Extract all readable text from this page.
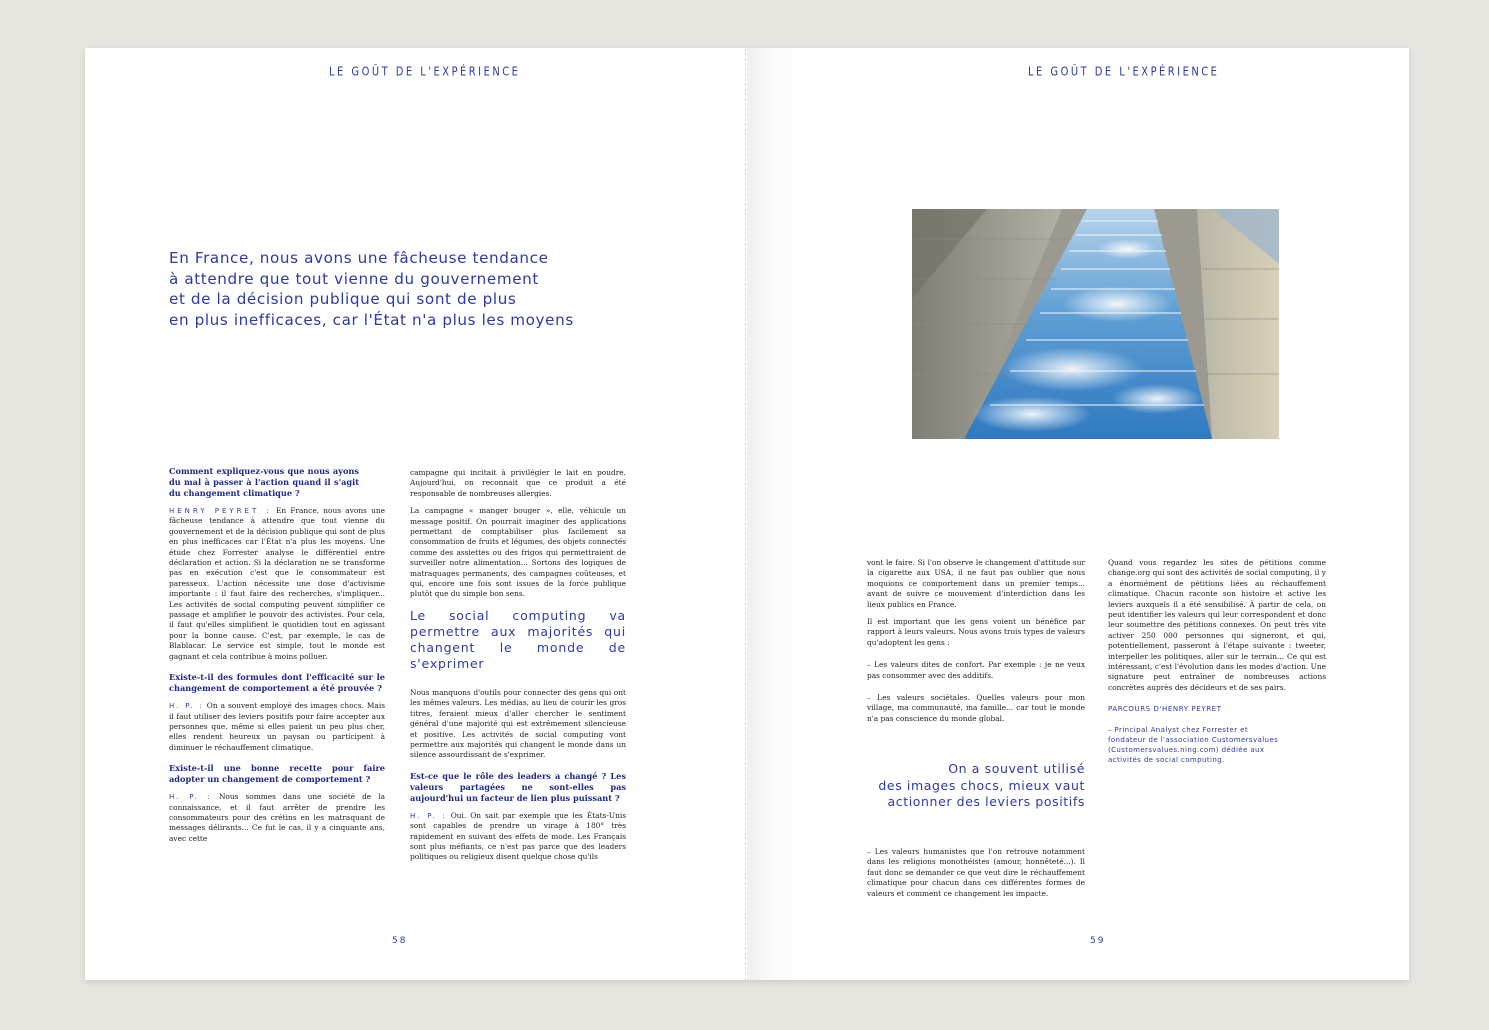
LE GOÛT DE L'EXPÉRIENCE
En France, nous avons une fâcheuse tendance
à attendre que tout vienne du gouvernement
et de la décision publique qui sont de plus
en plus inefficaces, car l'État n'a plus les moyens

Comment expliquez-vous que nous ayons du mal à passer à l'action quand il s'agit du changement climatique ?

HENRY PEYRET : En France, nous avons une fâcheuse tendance à attendre que tout vienne du gouvernement et de la décision publique qui sont de plus en plus inefficaces car l'État n'a plus les moyens. Une étude chez Forrester analyse le différentiel entre déclaration et action. Si la déclaration ne se transforme pas en exécution c'est que le consommateur est paresseux. L'action nécessite une dose d'activisme importante : il faut faire des recherches, s'impliquer... Les activités de social computing peuvent simplifier ce passage et amplifier le pouvoir des activistes. Pour cela, il faut qu'elles simplifient le quotidien tout en agissant pour la bonne cause. C'est, par exemple, le cas de Blablacar. Le service est simple, tout le monde est gagnant et cela contribue à moins polluer.

Existe-t-il des formules dont l'efficacité sur le changement de comportement a été prouvée ?

H. P. : On a souvent employé des images chocs. Mais il faut utiliser des leviers positifs pour faire accepter aux personnes que, même si elles paient un peu plus cher, elles rendent heureux un paysan ou participent à diminuer le réchauffement climatique.

Existe-t-il une bonne recette pour faire adopter un changement de comportement ?

H. P. : Nous sommes dans une société de la connaissance, et il faut arrêter de prendre les consommateurs pour des crétins en les matraquant de messages délirants... Ce fut le cas, il y a cinquante ans, avec cette

campagne qui incitait à privilégier le lait en poudre. Aujourd'hui, on reconnait que ce produit a été responsable de nombreuses allergies.

La campagne « manger bouger », elle, véhicule un message positif. On pourrait imaginer des applications permettant de comptabiliser plus facilement sa consommation de fruits et légumes, des objets connectés comme des assiettes ou des frigos qui permettraient de surveiller notre alimentation... Sortons des logiques de matraquages permanents, des campagnes coûteuses, et qui, encore une fois sont issues de la force publique plutôt que du simple bon sens.

Le social computing va permettre aux majorités qui changent le monde de s'exprimer

Nous manquons d'outils pour connecter des gens qui ont les mêmes valeurs. Les médias, au lieu de courir les gros titres, feraient mieux d'aller chercher le sentiment général d'une majorité qui est extrêmement silencieuse et positive. Les activités de social computing vont permettre aux majorités qui changent le monde dans un silence assourdissant de s'exprimer.

Est-ce que le rôle des leaders a changé ? Les valeurs partagées ne sont-elles pas aujourd'hui un facteur de lien plus puissant ?

H. P. : Oui. On sait par exemple que les États-Unis sont capables de prendre un virage à 180° très rapidement en suivant des effets de mode. Les Français sont plus méfiants, ce n'est pas parce que des leaders politiques ou religieux disent quelque chose qu'ils

58
LE GOÛT DE L'EXPÉRIENCE

vont le faire. Si l'on observe le changement d'attitude sur la cigarette aux USA, il ne faut pas oublier que nous moquions ce comportement dans un premier temps... avant de suivre ce mouvement d'interdiction dans les lieux publics en France.

Il est important que les gens voient un bénéfice par rapport à leurs valeurs. Nous avons trois types de valeurs qu'adoptent les gens :

– Les valeurs dites de confort. Par exemple : je ne veux pas consommer avec des additifs.

– Les valeurs sociétales. Quelles valeurs pour mon village, ma communauté, ma famille... car tout le monde n'a pas conscience du monde global.

On a souvent utilisé
des images chocs, mieux vaut
actionner des leviers positifs

– Les valeurs humanistes que l'on retrouve notamment dans les religions monothéistes (amour, honnêteté...). Il faut donc se demander ce que veut dire le réchauffement climatique pour chacun dans ces différentes formes de valeurs et comment ce changement les impacte.

Quand vous regardez les sites de pétitions comme change.org qui sont des activités de social computing, il y a énormément de pétitions liées au réchauffement climatique. Chacun raconte son histoire et active les leviers auxquels il a été sensibilisé. À partir de cela, on peut identifier les valeurs qui leur correspondent et donc leur soumettre des pétitions connexes. On peut très vite activer 250 000 personnes qui signeront, et qui, potentiellement, passeront à l'étape suivante : tweeter, interpeller les politiques, aller sur le terrain... Ce qui est intéressant, c'est l'évolution dans les modes d'action. Une signature peut entraîner de nombreuses actions concrètes auprès des décideurs et de ses pairs.

PARCOURS D'HENRY PEYRET

– Principal Analyst chez Forrester et fondateur de l'association Customersvalues (Customersvalues.ning.com) dédiée aux activités de social computing.

59
